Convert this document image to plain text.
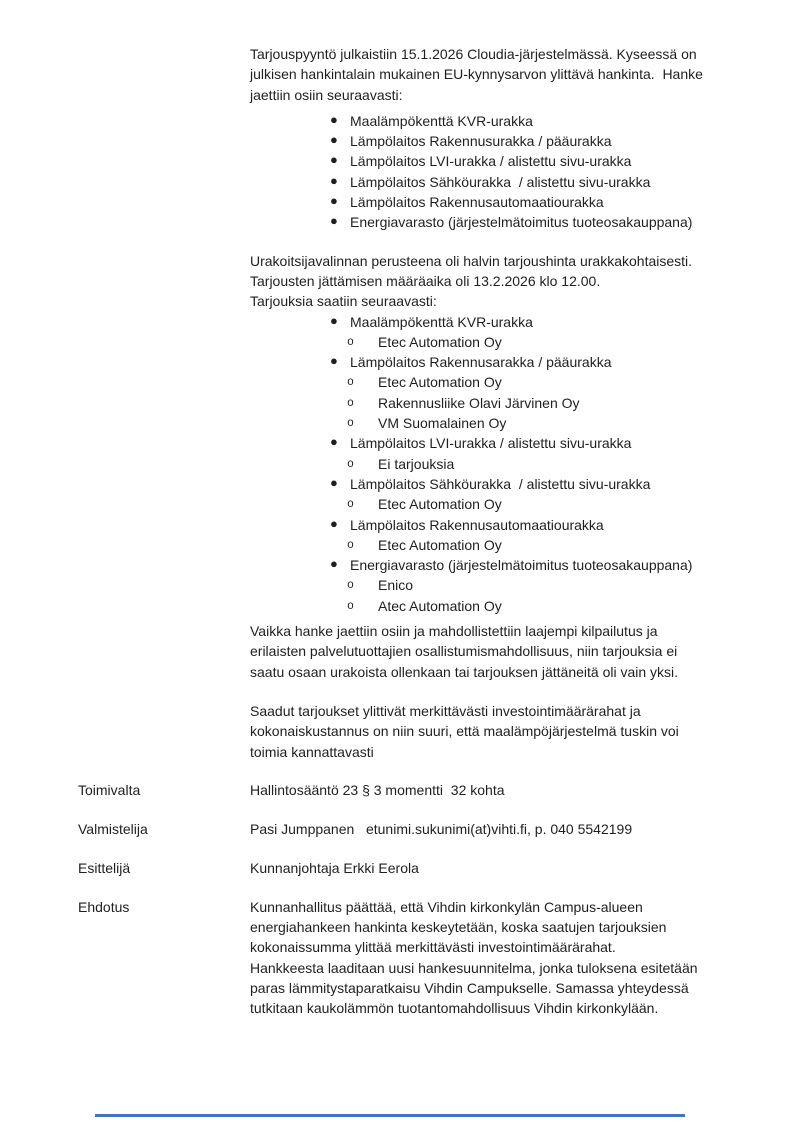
Tarjouspyyntö julkaistiin 15.1.2026 Cloudia-järjestelmässä. Kyseessä on
julkisen hankintalain mukainen EU-kynnysarvon ylittävä hankinta.  Hanke
jaettiin osiin seuraavasti:
● Maalämpökenttä KVR-urakka
● Lämpölaitos Rakennusurakka / pääurakka
● Lämpölaitos LVI-urakka / alistettu sivu-urakka
● Lämpölaitos Sähköurakka  / alistettu sivu-urakka
● Lämpölaitos Rakennusautomaatiourakka
● Energiavarasto (järjestelmätoimitus tuoteosakauppana)
Urakoitsijavalinnan perusteena oli halvin tarjoushinta urakkakohtaisesti.
Tarjousten jättämisen määräaika oli 13.2.2026 klo 12.00.
Tarjouksia saatiin seuraavasti:
● Maalämpökenttä KVR-urakka
o Etec Automation Oy
● Lämpölaitos Rakennusarakka / pääurakka
o Etec Automation Oy
o Rakennusliike Olavi Järvinen Oy
o VM Suomalainen Oy
● Lämpölaitos LVI-urakka / alistettu sivu-urakka
o Ei tarjouksia
● Lämpölaitos Sähköurakka  / alistettu sivu-urakka
o Etec Automation Oy
● Lämpölaitos Rakennusautomaatiourakka
o Etec Automation Oy
● Energiavarasto (järjestelmätoimitus tuoteosakauppana)
o Enico
o Atec Automation Oy
Vaikka hanke jaettiin osiin ja mahdollistettiin laajempi kilpailutus ja
erilaisten palvelutuottajien osallistumismahdollisuus, niin tarjouksia ei
saatu osaan urakoista ollenkaan tai tarjouksen jättäneitä oli vain yksi.
Saadut tarjoukset ylittivät merkittävästi investointimäärärahat ja
kokonaiskustannus on niin suuri, että maalämpöjärjestelmä tuskin voi
toimia kannattavasti
Toimivalta	Hallintosääntö 23 § 3 momentti  32 kohta
Valmistelija	Pasi Jumppanen   etunimi.sukunimi(at)vihti.fi, p. 040 5542199
Esittelijä	Kunnanjohtaja Erkki Eerola
Ehdotus	Kunnanhallitus päättää, että Vihdin kirkonkylän Campus-alueen
energiahankeen hankinta keskeytetään, koska saatujen tarjouksien
kokonaissumma ylittää merkittävästi investointimäärärahat.
Hankkeesta laaditaan uusi hankesuunnitelma, jonka tuloksena esitetään
paras lämmitystaparatkaisu Vihdin Campukselle. Samassa yhteydessä
tutkitaan kaukolämmön tuotantomahdollisuus Vihdin kirkonkylään.
